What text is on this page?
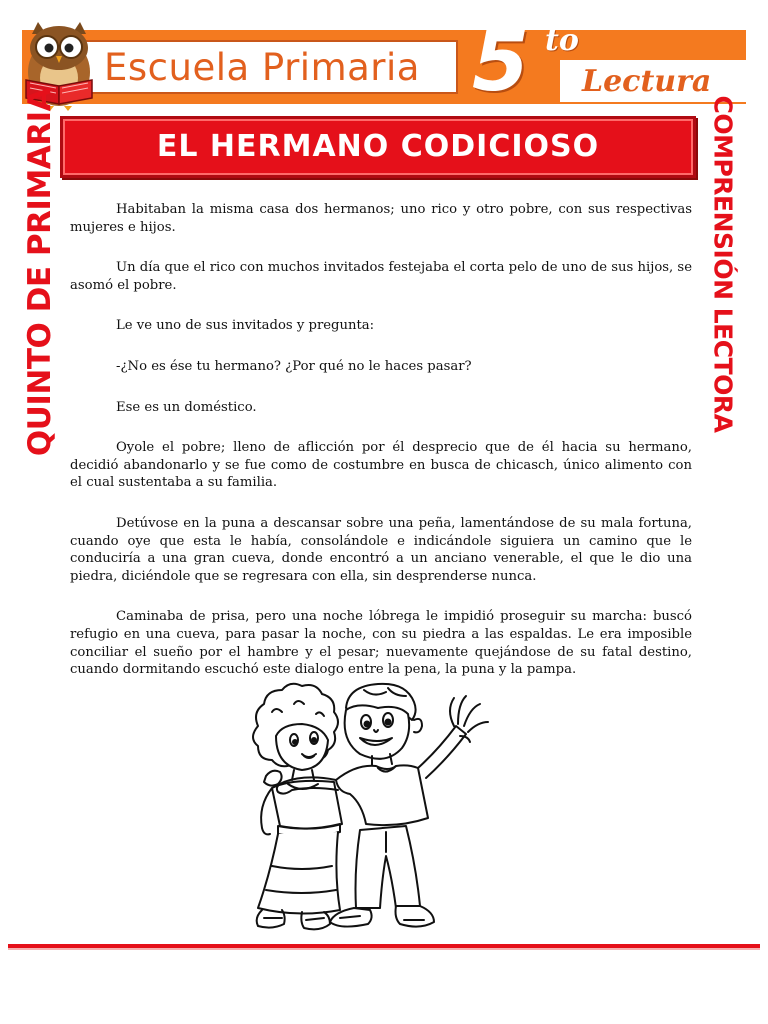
Escuela Primaria 5 to
Lectura
EL HERMANO CODICIOSO
QUINTO DE PRIMARIA	COMPRENSIÓN LECTORA

Habitaban la misma casa dos hermanos; uno rico y otro pobre, con sus respectivas mujeres e hijos.

Un día que el rico con muchos invitados festejaba el corta pelo de uno de sus hijos, se asomó el pobre.

Le ve uno de sus invitados y pregunta:

-¿No es ése tu hermano? ¿Por qué no le haces pasar?

Ese es un doméstico.

Oyole el pobre; lleno de aflicción por él desprecio que de él hacia su hermano, decidió abandonarlo y se fue como de costumbre en busca de chicasch, único alimento con el cual sustentaba a su familia.

Detúvose en la puna a descansar sobre una peña, lamentándose de su mala fortuna, cuando oye que esta le había, consolándole e indicándole siguiera un camino que le conduciría a una gran cueva, donde encontró a un anciano venerable, el que le dio una piedra, diciéndole que se regresara con ella, sin desprenderse nunca.

Caminaba de prisa, pero una noche lóbrega le impidió proseguir su marcha: buscó refugio en una cueva, para pasar la noche, con su piedra a las espaldas. Le era imposible conciliar el sueño por el hambre y el pesar; nuevamente quejándose de su fatal destino, cuando dormitando escuchó este dialogo entre la pena, la puna y la pampa.
